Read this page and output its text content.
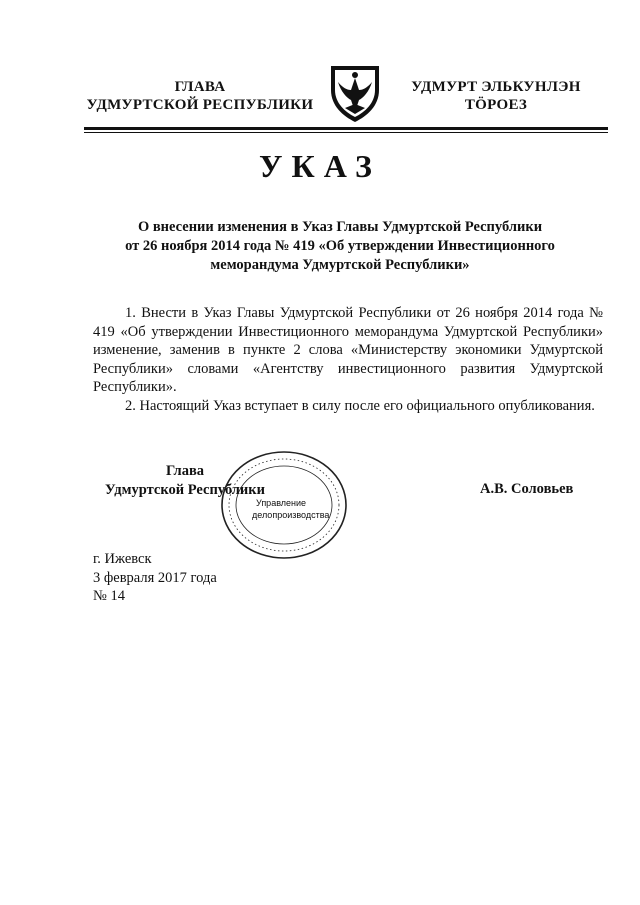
ГЛАВА
УДМУРТСКОЙ РЕСПУБЛИКИ
УДМУРТ ЭЛЬКУНЛЭН
ТӦРОЕЗ
УКАЗ
О внесении изменения в Указ Главы Удмуртской Республики
от 26 ноября 2014 года № 419 «Об утверждении Инвестиционного
меморандума Удмуртской Республики»

1. Внести в Указ Главы Удмуртской Республики от 26 ноября 2014 года № 419 «Об утверждении Инвестиционного меморандума Удмуртской Республики» изменение, заменив в пункте 2 слова «Министерству экономики Удмуртской Республики» словами «Агентству инвестиционного развития Удмуртской Республики».

2. Настоящий Указ вступает в силу после его официального опубликования.

Глава
Удмуртской Республики
Управление
делопроизводства
А.В. Соловьев
г. Ижевск
3 февраля 2017 года
№ 14
